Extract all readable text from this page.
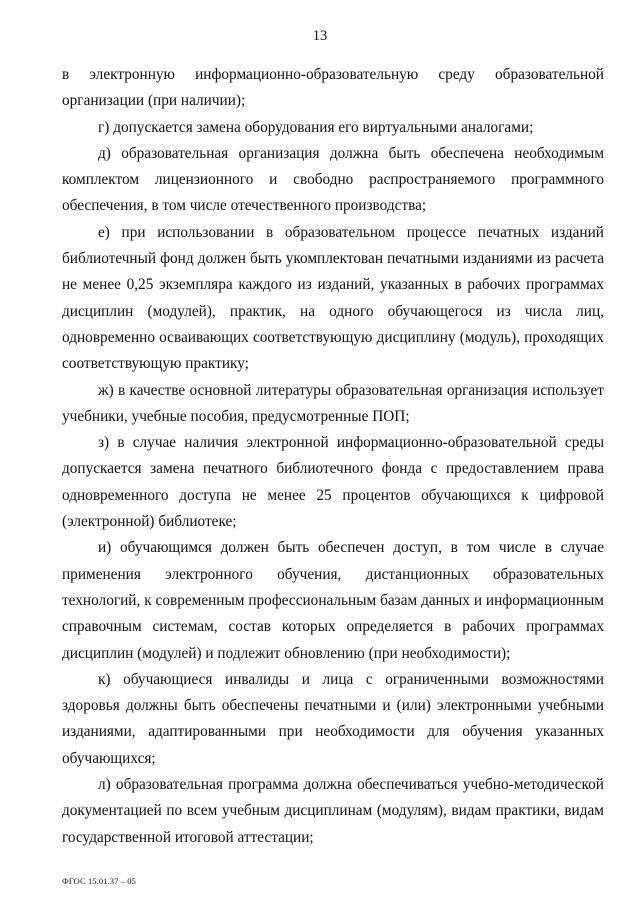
13

в электронную информационно-образовательную среду образовательной организации (при наличии);

г) допускается замена оборудования его виртуальными аналогами;

д) образовательная организация должна быть обеспечена необходимым комплектом лицензионного и свободно распространяемого программного обеспечения, в том числе отечественного производства;

е) при использовании в образовательном процессе печатных изданий библиотечный фонд должен быть укомплектован печатными изданиями из расчета не менее 0,25 экземпляра каждого из изданий, указанных в рабочих программах дисциплин (модулей), практик, на одного обучающегося из числа лиц, одновременно осваивающих соответствующую дисциплину (модуль), проходящих соответствующую практику;

ж) в качестве основной литературы образовательная организация использует учебники, учебные пособия, предусмотренные ПОП;

з) в случае наличия электронной информационно-образовательной среды допускается замена печатного библиотечного фонда с предоставлением права одновременного доступа не менее 25 процентов обучающихся к цифровой (электронной) библиотеке;

и) обучающимся должен быть обеспечен доступ, в том числе в случае применения электронного обучения, дистанционных образовательных технологий, к современным профессиональным базам данных и информационным справочным системам, состав которых определяется в рабочих программах дисциплин (модулей) и подлежит обновлению (при необходимости);

к) обучающиеся инвалиды и лица с ограниченными возможностями здоровья должны быть обеспечены печатными и (или) электронными учебными изданиями, адаптированными при необходимости для обучения указанных обучающихся;

л) образовательная программа должна обеспечиваться учебно-методической документацией по всем учебным дисциплинам (модулям), видам практики, видам государственной итоговой аттестации;

ФГОС 15.01.37 – 05
